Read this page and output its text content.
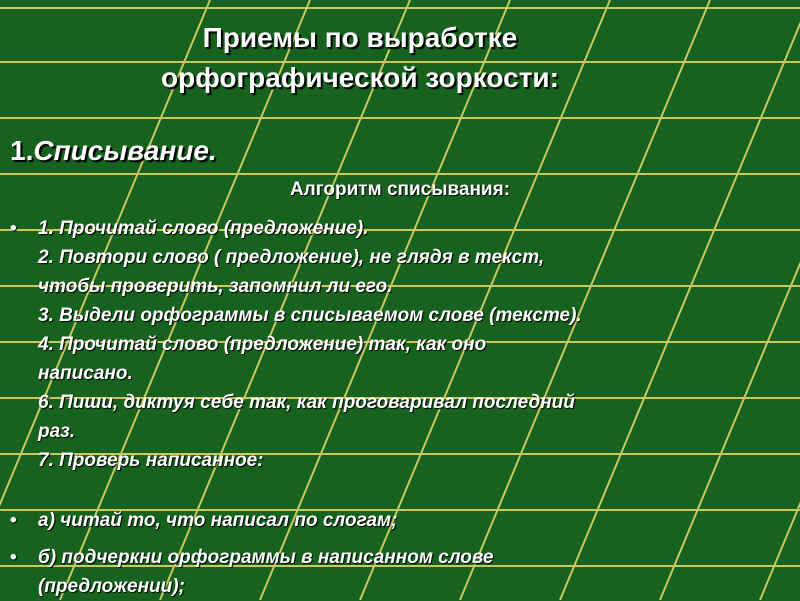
Приемы по выработке
орфографической зоркости:
1.Списывание.
Алгоритм списывания:
•	1. Прочитай слово (предложение).
2. Повтори слово ( предложение), не глядя в текст,
чтобы проверить, запомнил ли его.
3. Выдели орфограммы в списываемом слове (тексте).
4. Прочитай слово (предложение) так, как оно
написано.
6. Пиши, диктуя себе так, как проговаривал последний
раз.
7. Проверь написанное:
•	а) читай то, что написал по слогам;
•	б) подчеркни орфограммы в написанном слове
(предложении);
